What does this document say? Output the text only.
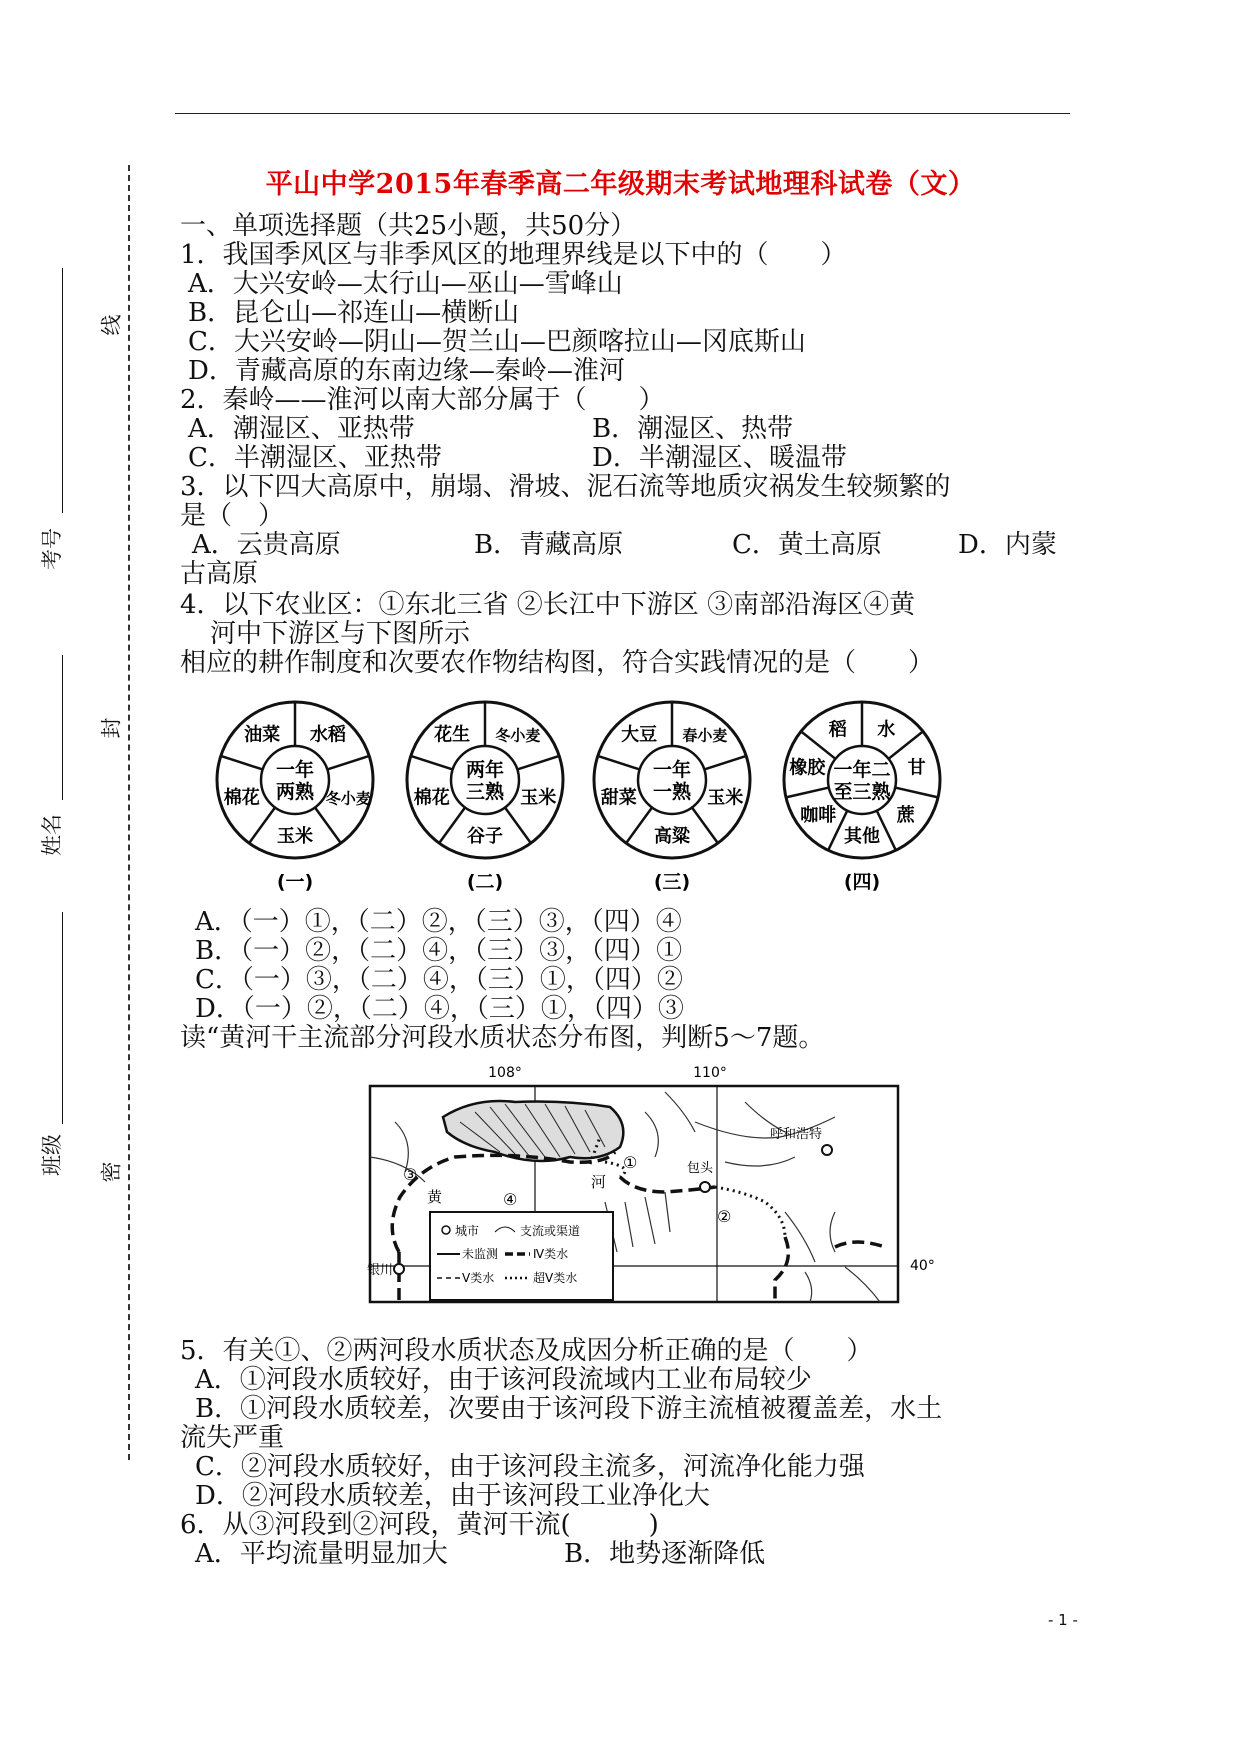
考号
姓名
班级
线
封
密
平山中学2015年春季高二年级期末考试地理科试卷（文）
一、单项选择题（共25小题，共50分）
1．我国季风区与非季风区的地理界线是以下中的（　　）
A．大兴安岭—太行山—巫山—雪峰山
B．昆仑山—祁连山—横断山
C．大兴安岭—阴山—贺兰山—巴颜喀拉山—冈底斯山
D．青藏高原的东南边缘—秦岭—淮河
2．秦岭——淮河以南大部分属于（　　）
A．潮湿区、亚热带	B．潮湿区、热带
C．半潮湿区、亚热带	D．半潮湿区、暖温带
3．以下四大高原中，崩塌、滑坡、泥石流等地质灾祸发生较频繁的
是（　）
A．云贵高原	B．青藏高原	C．黄土高原	D．内蒙
古高原
4．以下农业区：①东北三省 ②长江中下游区 ③南部沿海区④黄
河中下游区与下图所示
相应的耕作制度和次要农作物结构图，符合实践情况的是（　　）
水稻
冬小麦
玉米
棉花
油菜
一年
两熟
(一)
冬小麦
玉米
谷子
棉花
花生
两年
三熟
(二)
春小麦
玉米
高粱
甜菜
大豆
一年
一熟
(三)
水
甘
蔗
其他
咖啡
橡胶
稻
一年二
至三熟
(四)
A．（一）①，（二）②，（三）③，（四）④
B．（一）②，（二）④，（三）③，（四）①
C．（一）③，（二）④，（三）①，（四）②
D．（一）②，（二）④，（三）①，（四）③
读“黄河干主流部分河段水质状态分布图，判断5～7题。
108°	110°
40°
银川
包头
呼和浩特
黄
河
③
④
①
②
城市	支流或渠道
未监测	Ⅳ类水
Ⅴ类水	超Ⅴ类水
5．有关①、②两河段水质状态及成因分析正确的是（　　）
A．①河段水质较好，由于该河段流域内工业布局较少
B．①河段水质较差，次要由于该河段下游主流植被覆盖差，水土
流失严重
C．②河段水质较好，由于该河段主流多，河流净化能力强
D．②河段水质较差，由于该河段工业净化大
6．从③河段到②河段，黄河干流(　　　)
A．平均流量明显加大	B．地势逐渐降低
- 1 -
